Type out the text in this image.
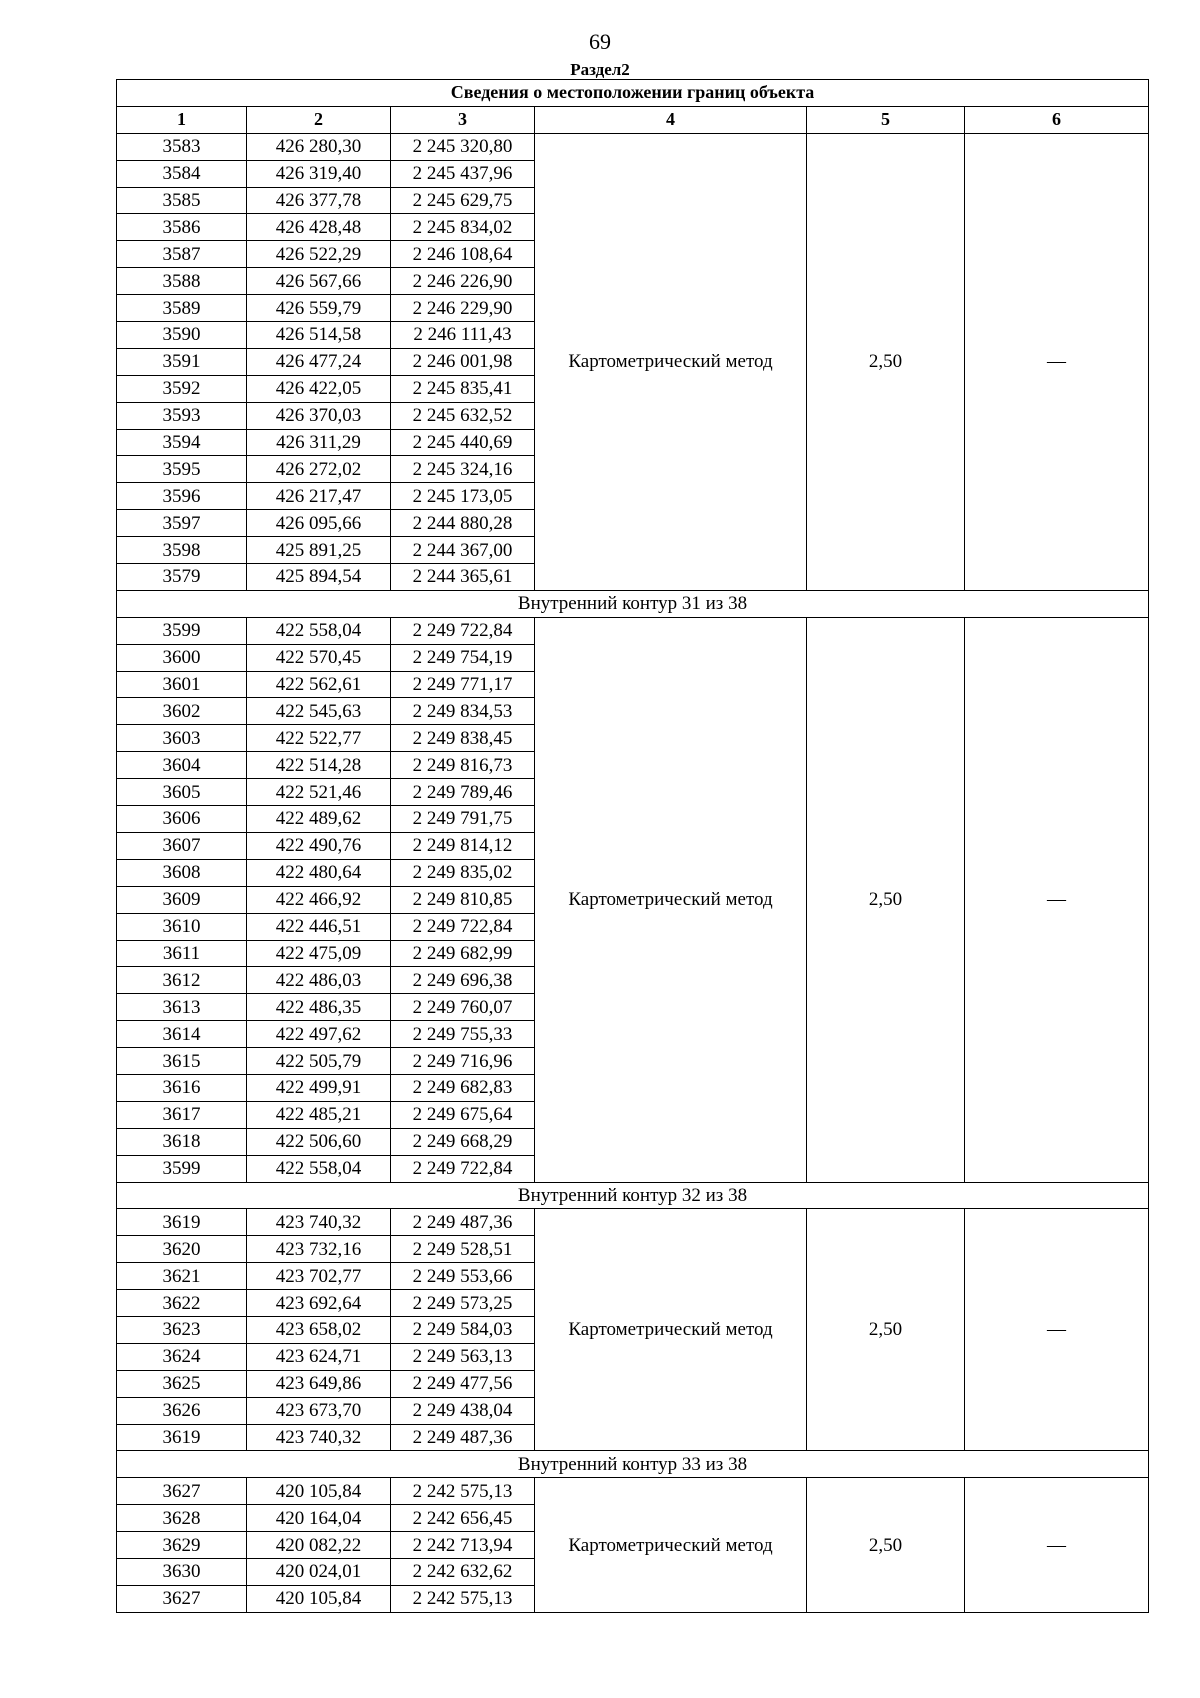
69
Раздел2
Сведения о местоположении границ объекта					
1	2	3	4	5	6
3583	426 280,30	2 245 320,80	Картометрический метод	2,50	—
3584	426 319,40	2 245 437,96			
3585	426 377,78	2 245 629,75			
3586	426 428,48	2 245 834,02			
3587	426 522,29	2 246 108,64			
3588	426 567,66	2 246 226,90			
3589	426 559,79	2 246 229,90			
3590	426 514,58	2 246 111,43			
3591	426 477,24	2 246 001,98			
3592	426 422,05	2 245 835,41			
3593	426 370,03	2 245 632,52			
3594	426 311,29	2 245 440,69			
3595	426 272,02	2 245 324,16			
3596	426 217,47	2 245 173,05			
3597	426 095,66	2 244 880,28			
3598	425 891,25	2 244 367,00			
3579	425 894,54	2 244 365,61			
Внутренний контур 31 из 38					
3599	422 558,04	2 249 722,84	Картометрический метод	2,50	—
3600	422 570,45	2 249 754,19			
3601	422 562,61	2 249 771,17			
3602	422 545,63	2 249 834,53			
3603	422 522,77	2 249 838,45			
3604	422 514,28	2 249 816,73			
3605	422 521,46	2 249 789,46			
3606	422 489,62	2 249 791,75			
3607	422 490,76	2 249 814,12			
3608	422 480,64	2 249 835,02			
3609	422 466,92	2 249 810,85			
3610	422 446,51	2 249 722,84			
3611	422 475,09	2 249 682,99			
3612	422 486,03	2 249 696,38			
3613	422 486,35	2 249 760,07			
3614	422 497,62	2 249 755,33			
3615	422 505,79	2 249 716,96			
3616	422 499,91	2 249 682,83			
3617	422 485,21	2 249 675,64			
3618	422 506,60	2 249 668,29			
3599	422 558,04	2 249 722,84			
Внутренний контур 32 из 38					
3619	423 740,32	2 249 487,36	Картометрический метод	2,50	—
3620	423 732,16	2 249 528,51			
3621	423 702,77	2 249 553,66			
3622	423 692,64	2 249 573,25			
3623	423 658,02	2 249 584,03			
3624	423 624,71	2 249 563,13			
3625	423 649,86	2 249 477,56			
3626	423 673,70	2 249 438,04			
3619	423 740,32	2 249 487,36			
Внутренний контур 33 из 38					
3627	420 105,84	2 242 575,13	Картометрический метод	2,50	—
3628	420 164,04	2 242 656,45			
3629	420 082,22	2 242 713,94			
3630	420 024,01	2 242 632,62			
3627	420 105,84	2 242 575,13			
